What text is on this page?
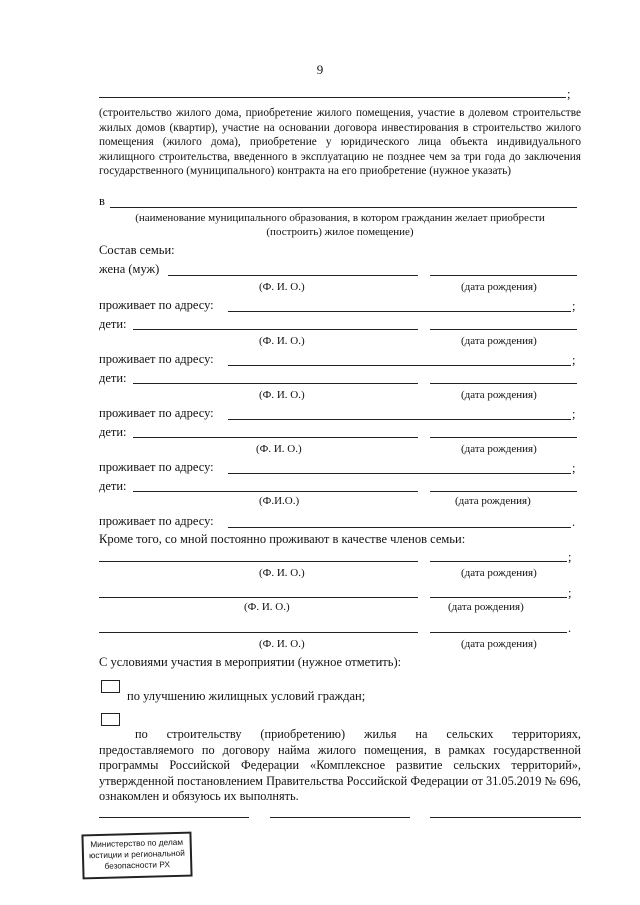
9
;
(строительство жилого дома, приобретение жилого помещения, участие в долевом строительстве жилых домов (квартир), участие на основании договора инвестирования в строительство жилого помещения (жилого дома), приобретение у юридического лица объекта индивидуального жилищного строительства, введенного в эксплуатацию не позднее чем за три года до заключения государственного (муниципального) контракта на его приобретение (нужное указать)
в
(наименование муниципального образования, в котором гражданин желает приобрести
(построить) жилое помещение)
Состав семьи:
жена (муж)
(Ф. И. О.)	(дата рождения)
проживает по адресу:	;
дети:
(Ф. И. О.)	(дата рождения)
проживает по адресу:	;
дети:
(Ф. И. О.)	(дата рождения)
проживает по адресу:	;
дети:
(Ф. И. О.)	(дата рождения)
проживает по адресу:	;
дети:
(Ф.И.О.)	(дата рождения)
проживает по адресу:	.
Кроме того, со мной постоянно проживают в качестве членов семьи:
;
(Ф. И. О.)	(дата рождения)
;
(Ф. И. О.)	(дата рождения)
.
(Ф. И. О.)	(дата рождения)
С условиями участия в мероприятии (нужное отметить):
по улучшению жилищных условий граждан;
по строительству (приобретению) жилья на сельских территориях, предоставляемого по договору найма жилого помещения, в рамках государственной программы Российской Федерации «Комплексное развитие сельских территорий», утвержденной постановлением Правительства Российской Федерации от 31.05.2019 № 696, ознакомлен и обязуюсь их выполнять.
Министерство по делам
юстиции и региональной
безопасности РХ
